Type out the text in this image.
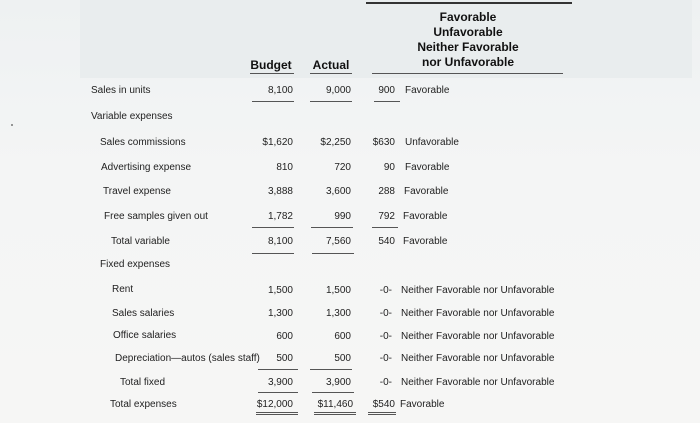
Budget Actual
Favorable
Unfavorable
Neither Favorable
nor Unfavorable
Sales in units	8,100	9,000	900 Favorable
Variable expenses
Sales commissions	$1,620	$2,250	$630 Unfavorable
Advertising expense	810	720	90 Favorable
Travel expense	3,888	3,600	288 Favorable
Free samples given out	1,782	990	792 Favorable
Total variable	8,100	7,560	540 Favorable
Fixed expenses
Rent	1,500	1,500	-0- Neither Favorable nor Unfavorable
Sales salaries	1,300	1,300	-0- Neither Favorable nor Unfavorable
Office salaries	600	600	-0- Neither Favorable nor Unfavorable
Depreciation—autos (sales staff)	500	500	-0- Neither Favorable nor Unfavorable
Total fixed	3,900	3,900	-0- Neither Favorable nor Unfavorable
Total expenses	$12,000	$11,460	$540 Favorable
